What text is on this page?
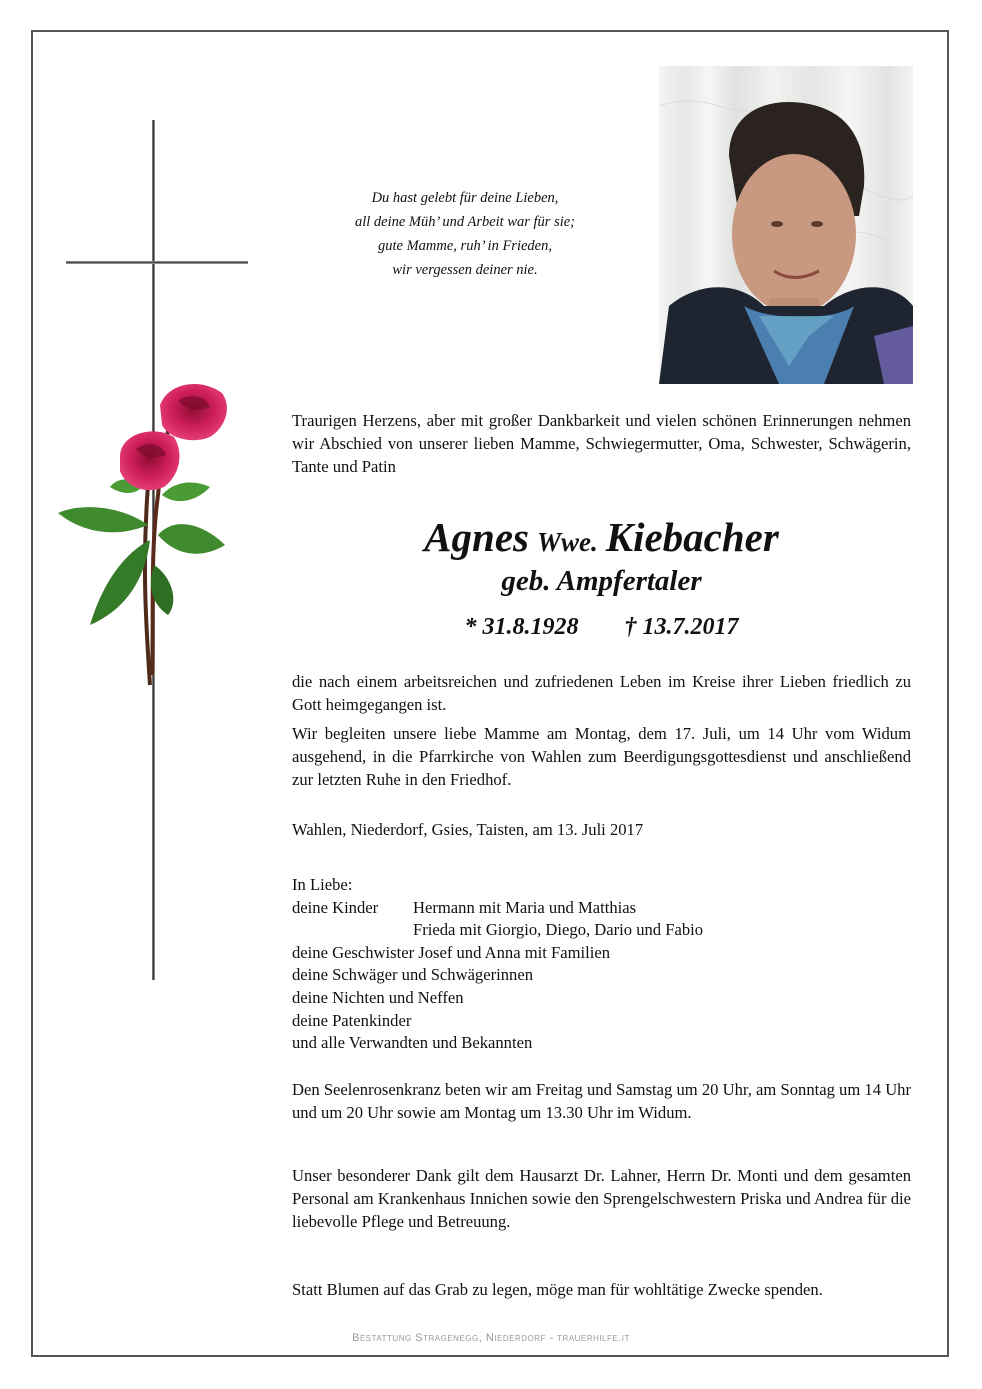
Du hast gelebt für deine Lieben,
all deine Müh’ und Arbeit war für sie;
gute Mamme, ruh’ in Frieden,
wir vergessen deiner nie.
Traurigen Herzens, aber mit großer Dankbarkeit und vielen schönen Erinnerungen nehmen wir Abschied von unserer lieben Mamme, Schwiegermutter, Oma, Schwester, Schwägerin, Tante und Patin
Agnes Wwe. Kiebacher
geb. Ampfertaler
* 31.8.1928 † 13.7.2017
die nach einem arbeitsreichen und zufriedenen Leben im Kreise ihrer Lieben friedlich zu Gott heimgegangen ist.
Wir begleiten unsere liebe Mamme am Montag, dem 17. Juli, um 14 Uhr vom Widum ausgehend, in die Pfarrkirche von Wahlen zum Beerdigungsgottesdienst und anschließend zur letzten Ruhe in den Friedhof.
Wahlen, Niederdorf, Gsies, Taisten, am 13. Juli 2017
In Liebe:
deine Kinder Hermann mit Maria und Matthias
Frieda mit Giorgio, Diego, Dario und Fabio
deine Geschwister Josef und Anna mit Familien
deine Schwäger und Schwägerinnen
deine Nichten und Neffen
deine Patenkinder
und alle Verwandten und Bekannten
Den Seelenrosenkranz beten wir am Freitag und Samstag um 20 Uhr, am Sonntag um 14 Uhr und um 20 Uhr sowie am Montag um 13.30 Uhr im Widum.
Unser besonderer Dank gilt dem Hausarzt Dr. Lahner, Herrn Dr. Monti und dem gesamten Personal am Krankenhaus Innichen sowie den Sprengelschwestern Priska und Andrea für die liebevolle Pflege und Betreuung.
Statt Blumen auf das Grab zu legen, möge man für wohltätige Zwecke spenden.
Bestattung Stragenegg, Niederdorf - trauerhilfe.it
